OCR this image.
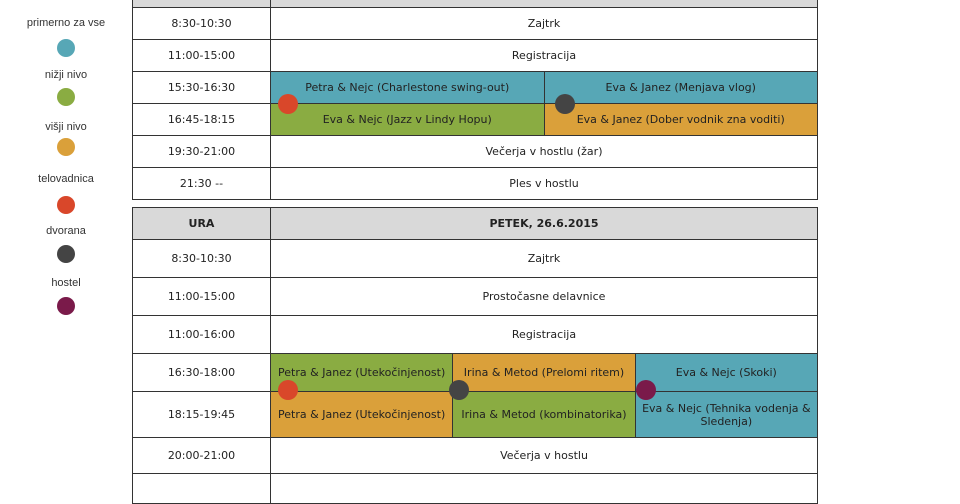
primerno za vse
nižji nivo
višji nivo
telovadnica
dvorana
hostel

8:30-10:30	Zajtrk	
11:00-15:00	Registracija	
15:30-16:30	Petra & Nejc (Charlestone swing-out)	Eva & Janez (Menjava vlog)
16:45-18:15	Eva & Nejc (Jazz v Lindy Hopu)	Eva & Janez (Dober vodnik zna voditi)
19:30-21:00	Večerja v hostlu (žar)	
21:30 --	Ples v hostlu	
URA	PETEK, 26.6.2015		
8:30-10:30	Zajtrk		
11:00-15:00	Prostočasne delavnice		
11:00-16:00	Registracija		
16:30-18:00	Petra & Janez (Utekočinjenost)	Irina & Metod (Prelomi ritem)	Eva & Nejc (Skoki)
18:15-19:45	Petra & Janez (Utekočinjenost)	Irina & Metod (kombinatorika)	Eva & Nejc (Tehnika vodenja & Sledenja)
20:00-21:00	Večerja v hostlu		
